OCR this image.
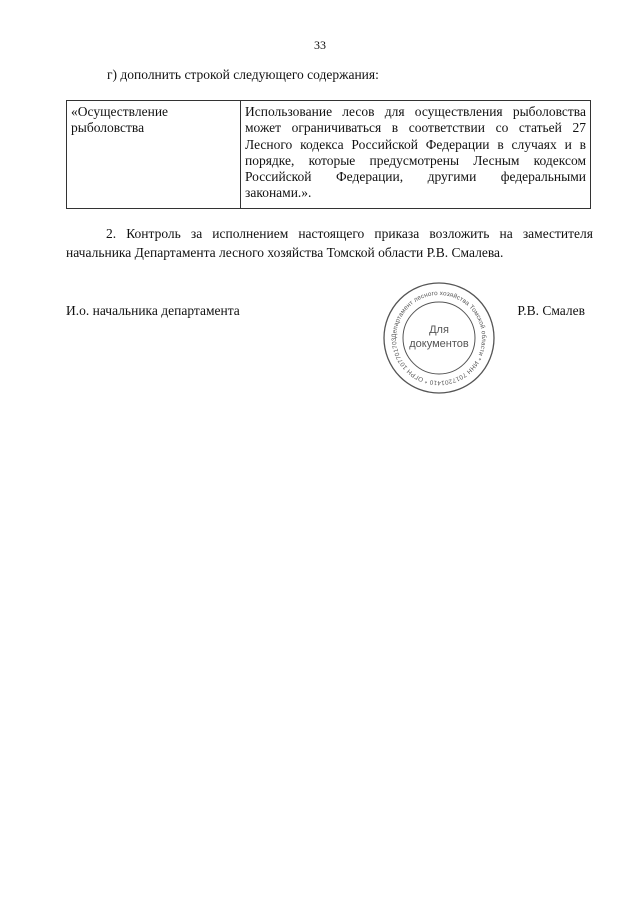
33
г) дополнить строкой следующего содержания:
«Осуществление рыболовства	Использование лесов для осуществления рыболовства может ограничиваться в соответствии со статьей 27 Лесного кодекса Российской Федерации в случаях и в порядке, которые предусмотрены Лесным кодексом Российской Федерации, другими федеральными законами.».

2. Контроль за исполнением настоящего приказа возложить на заместителя начальника Департамента лесного хозяйства Томской области Р.В. Смалева.

И.о. начальника департамента
Департамент лесного хозяйства Томской области * ИНН 7017201410 * ОГРН 107701703
Для
документов
Р.В. Смалев
